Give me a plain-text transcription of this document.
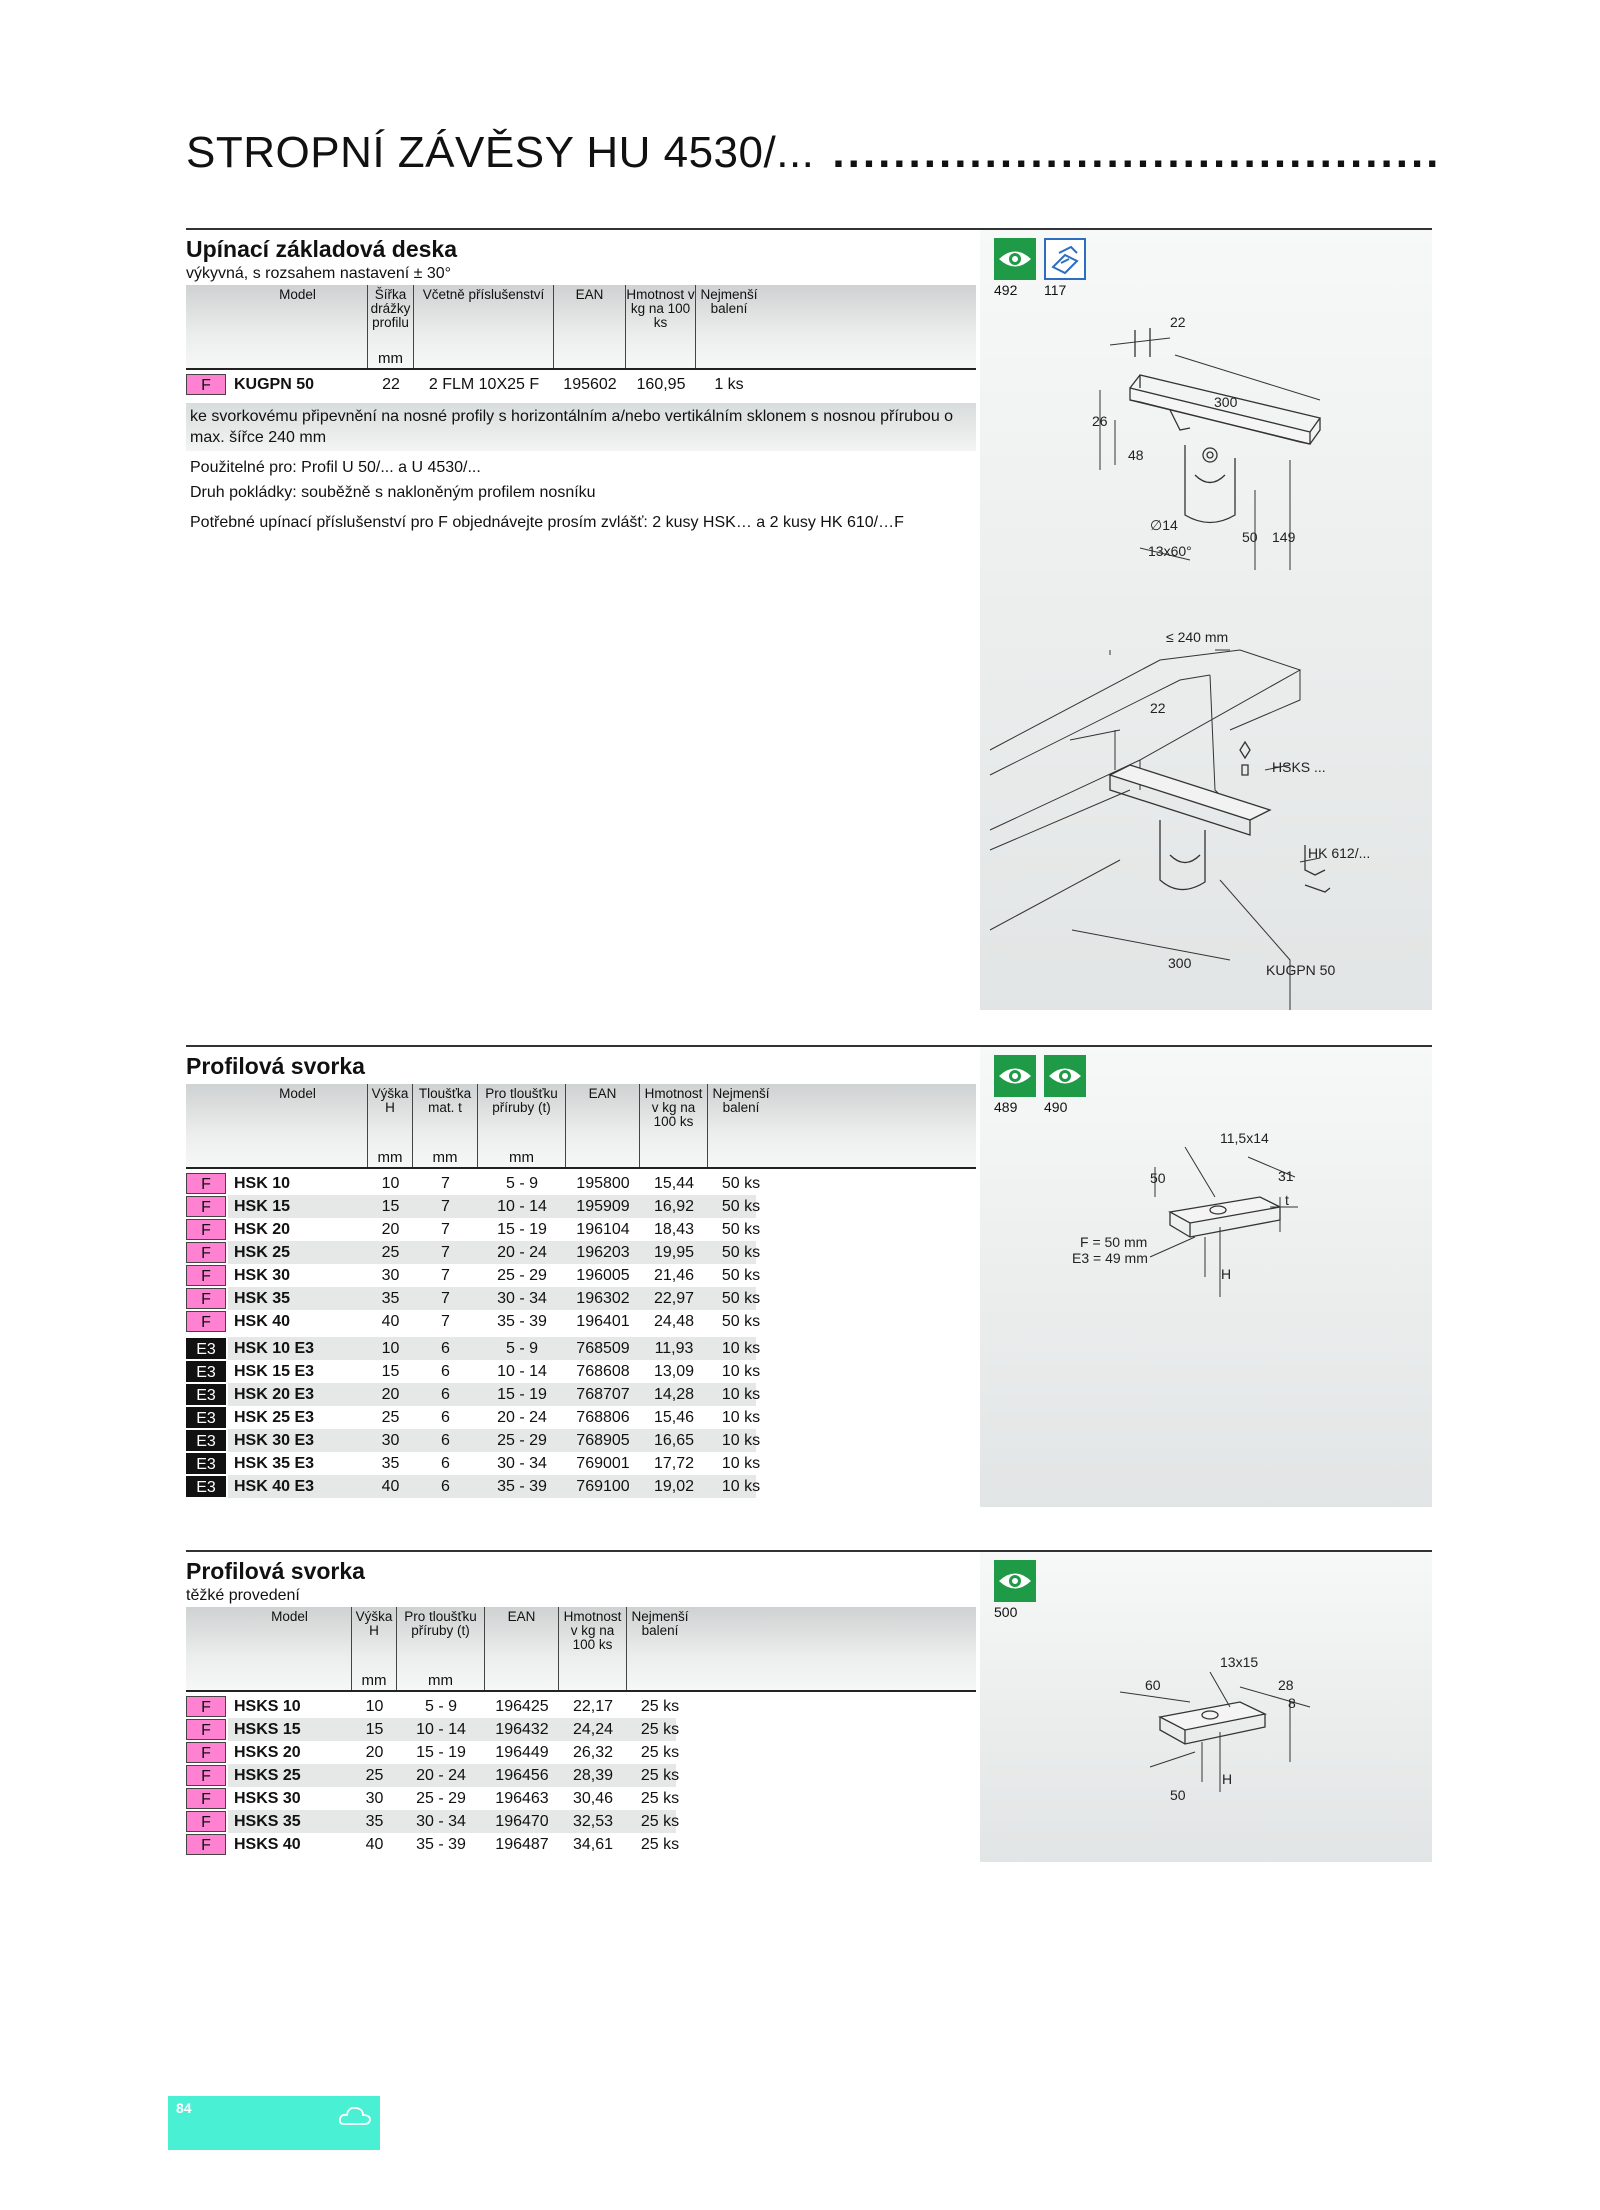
STROPNÍ ZÁVĚSY HU 4530/... ........................................
Upínací základová deska
výkyvná, s rozsahem nastavení ± 30°
Model	Šířka drážky profilu
mm
Včetně příslušenství	EAN	Hmotnost v kg na 100 ks
Nejmenší balení
F	KUGPN 50	22	2 FLM 10X25 F	195602	160,95	1 ks
ke svorkovému připevnění na nosné profily s horizontálním a/nebo vertikálním sklonem s nosnou přírubou o max. šířce 240 mm
Použitelné pro: Profil U 50/... a U 4530/...
Druh pokládky: souběžně s nakloněným profilem nosníku
Potřebné upínací příslušenství pro F objednávejte prosím zvlášť: 2 kusy HSK… a 2 kusy HK 610/…F
492	117
22
300
26
48
∅14
13x60°
50 149
≤ 240 mm
22
HSKS ...
HK 612/...
300	KUGPN 50
Profilová svorka
Model	Výška H
mm
Tloušťka mat. t
mm
Pro tloušťku příruby (t)
mm
EAN	Hmotnost v kg na 100 ks
Nejmenší balení
F	HSK 10	10	7	5 - 9	195800	15,44	50 ks
F	HSK 15	15	7	10 - 14	195909	16,92	50 ks
F	HSK 20	20	7	15 - 19	196104	18,43	50 ks
F	HSK 25	25	7	20 - 24	196203	19,95	50 ks
F	HSK 30	30	7	25 - 29	196005	21,46	50 ks
F	HSK 35	35	7	30 - 34	196302	22,97	50 ks
F	HSK 40	40	7	35 - 39	196401	24,48	50 ks
E3	HSK 10 E3	10	6	5 - 9	768509	11,93	10 ks
E3	HSK 15 E3	15	6	10 - 14	768608	13,09	10 ks
E3	HSK 20 E3	20	6	15 - 19	768707	14,28	10 ks
E3	HSK 25 E3	25	6	20 - 24	768806	15,46	10 ks
E3	HSK 30 E3	30	6	25 - 29	768905	16,65	10 ks
E3	HSK 35 E3	35	6	30 - 34	769001	17,72	10 ks
E3	HSK 40 E3	40	6	35 - 39	769100	19,02	10 ks
489	490
11,5x14
50	31
t
F = 50 mm
E3 = 49 mm
H
Profilová svorka
těžké provedení
Model	Výška H
mm
Pro tloušťku příruby (t)
mm
EAN	Hmotnost v kg na 100 ks
Nejmenší balení
F	HSKS 10	10	5 - 9	196425	22,17	25 ks
F	HSKS 15	15	10 - 14	196432	24,24	25 ks
F	HSKS 20	20	15 - 19	196449	26,32	25 ks
F	HSKS 25	25	20 - 24	196456	28,39	25 ks
F	HSKS 30	30	25 - 29	196463	30,46	25 ks
F	HSKS 35	35	30 - 34	196470	32,53	25 ks
F	HSKS 40	40	35 - 39	196487	34,61	25 ks
500
13x15
60	28
8
H
50
84
